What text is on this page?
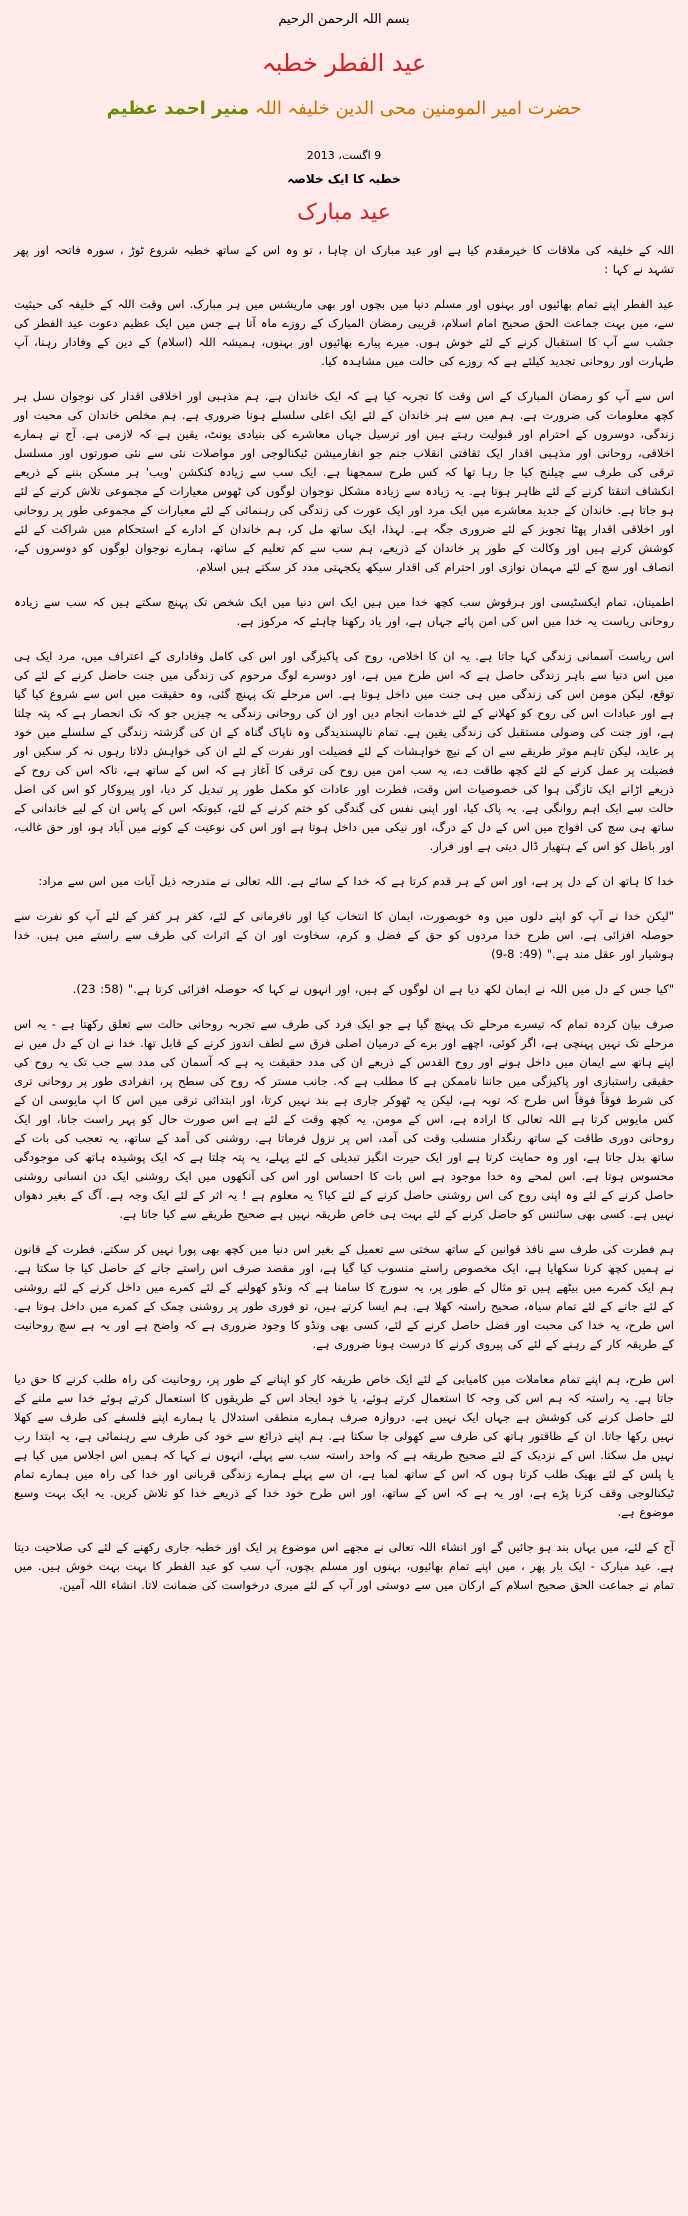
بسم اللہ الرحمن الرحیم
عید الفطر خطبہ
حضرت امیر المومنین محی الدین خلیفہ اللہ منیر احمد عظیم
9 اگست، 2013
خطبہ کا ایک خلاصہ
عید مبارک

اللہ کے خلیفہ کی ملاقات کا خیرمقدم کیا ہے اور عید مبارک ان چاہا ، تو وہ اس کے ساتھ خطبہ شروع ٹوڑ ، سورہ فاتحہ اور پھر تشہد نے کہا :

عید الفطر اپنے تمام بھائیوں اور بہنوں اور مسلم دنیا میں بچوں اور بھی ماریشس میں ہر مبارک. اس وقت اللہ کے خلیفہ کی حیثیت سے، میں بہت جماعت الحق صحیح امام اسلام، قریبی رمضان المبارک کے روزے ماہ آتا ہے جس میں ایک عظیم دعوت عید الفطر کی جشب سے آپ کا استقبال کرنے کے لئے خوش ہوں. میرے پیارے بھائیوں اور بہنوں، ہمیشہ اللہ (اسلام) کے دین کے وفادار رہنا، آپ طہارت اور روحانی تجدید کیلئے ہے کہ روزے کی حالت میں مشاہدہ کیا.

اس سے آپ کو رمضان المبارک کے اس وقت کا تجربہ کیا ہے کہ ایک خاندان ہے. ہم مذہبی اور اخلاقی اقدار کی نوجوان نسل ہر کچھ معلومات کی ضرورت ہے. ہم میں سے ہر خاندان کے لئے ایک اعلی سلسلے ہونا ضروری ہے. ہم مخلص خاندان کی محبت اور زندگی، دوسروں کے احترام اور قبولیت رہتے ہیں اور ترسیل جہاں معاشرے کی بنیادی یونٹ، یقین ہے کہ لازمی ہے. آج نے ہمارے اخلاقی، روحانی اور مذہبی اقدار ایک ثقافتی انقلاب جنم جو انفارمیشن ٹیکنالوجی اور مواصلات نئی سے نئی صورتوں اور مسلسل ترقی کی طرف سے چیلنج کیا جا رہا تھا کہ کس طرح سمجھنا ہے. ایک سب سے زیادہ کنکشن 'ویب' ہر مسکن بننے کے ذریعے انکشاف اتنقتا کرنے کے لئے ظاہر ہوتا ہے. یہ زیادہ سے زیادہ مشکل نوجوان لوگوں کی ٹھوس معیارات کے مجموعی تلاش کرنے کے لئے ہو جاتا ہے. خاندان کے جدید معاشرے میں ایک مرد اور ایک عورت کی زندگی کی رہنمائی کے لئے معیارات کے مجموعی طور پر روحانی اور اخلاقی اقدار پھٹا تجویز کے لئے ضروری جگہ ہے. لہذا، ایک ساتھ مل کر، ہم خاندان کے ادارے کے استحکام میں شراکت کے لئے کوشش کرتے ہیں اور وکالت کے طور پر خاندان کے ذریعے، ہم سب سے کم تعلیم کے ساتھ، ہمارے نوجوان لوگوں کو دوسروں کے، انصاف اور سچ کے لئے مہمان نوازی اور احترام کی اقدار سیکھ یکجہتی مدد کر سکتے ہیں اسلام.

اطمینان، تمام ایکسٹیسی اور ہرقوش سب کچھ خدا میں ہیں ایک اس دنیا میں ایک شخص تک پہنچ سکتے ہیں کہ سب سے زیادہ روحانی ریاست یہ خدا میں اس کی امن پائے جہاں ہے، اور یاد رکھنا چاہئے کہ مرکوز ہے.

اس ریاست آسمانی زندگی کہا جاتا ہے. یہ ان کا اخلاص، روح کی پاکیزگی اور اس کی کامل وفاداری کے اعتراف میں، مرد ایک ہی میں اس دنیا سے باہر زندگی حاصل ہے کہ اس طرح میں ہے، اور دوسرے لوگ مرحوم کی زندگی میں جنت حاصل کرنے کے لئے کی توقع، لیکن مومن اس کی زندگی میں ہی جنت میں داخل ہوتا ہے. اس مرحلے تک پہنچ گئی، وہ حقیقت میں اس سے شروع کیا گیا ہے اور عبادات اس کی روح کو کھلانے کے لئے خدمات انجام دیں اور ان کی روحانی زندگی یہ چیزیں جو کہ تک انحصار ہے کہ پتہ چلتا ہے، اور جنت کی وصولی مستقبل کی زندگی یقین ہے. تمام نالپسندیدگی وہ ناپاک گناہ کے ان کی گزشتہ زندگی کے سلسلے میں خود پر عاید، لیکن تاہم موثر طریقے سے ان کے نیچ خواہشات کے لئے فضیلت اور نفرت کے لئے ان کی خواہش دلاتا رہوں نہ کر سکیں اور فضیلت پر عمل کرنے کے لئے کچھ طاقت دے، یہ سب امن میں روح کی ترقی کا آغاز ہے کہ اس کے ساتھ ہے، تاکہ اس کی روح کے ذریعے اڑانے ایک تازگی ہوا کی خصوصیات اس وقت، فطرت اور عادات کو مکمل طور پر تبدیل کر دیا، اور پیروکار کو اس کی اصل حالت سے ایک اہم روانگی ہے. یہ پاک کیا، اور اپنی نفس کی گندگی کو ختم کرنے کے لئے، کیونکہ اس کے پاس ان کے لیے خاندانی کے ساتھ ہی سچ کی افواج میں اس کے دل کے درگ، اور نیکی میں داخل ہوتا ہے اور اس کی نوعیت کے کونے میں آباد ہو، اور حق غالب، اور باطل کو اس کے ہتھیار ڈال دیتی ہے اور فرار.

خدا کا ہاتھ ان کے دل پر ہے، اور اس کے ہر قدم کرتا ہے کہ خدا کے سائے ہے. اللہ تعالی نے مندرجہ ذیل آیات میں اس سے مراد:

"لیکن خدا نے آپ کو اپنے دلوں میں وہ خوبصورت، ایمان کا انتخاب کیا اور نافرمانی کے لئے، کفر ہر کفر کے لئے آپ کو نفرت سے حوصلہ افزائی ہے. اس طرح خدا مردوں کو حق کے فضل و کرم، سخاوت اور ان کے اثرات کی طرف سے راستے میں ہیں. خدا ہوشیار اور عقل مند ہے." (49: 8-9)

"کیا جس کے دل میں اللہ نے ایمان لکھ دیا ہے ان لوگوں کے ہیں، اور انہوں نے کہا کہ حوصلہ افزائی کرتا ہے." (58: 23).

صرف بیان کردہ تمام کہ تیسرے مرحلے تک پہنچ گیا ہے جو ایک فرد کی طرف سے تجربہ روحانی حالت سے تعلق رکھتا ہے - یہ اس مرحلے تک نہیں پہنچی ہے، اگر کوئی، اچھے اور برے کے درمیان اصلی فرق سے لطف اندوز کرنے کے قابل تھا. خدا نے ان کے دل میں نے اپنے ہاتھ سے ایمان میں داخل ہونے اور روح القدس کے ذریعے ان کی مدد حقیقت یہ ہے کہ آسمان کی مدد سے جب تک یہ روح کی حقیقی راستبازی اور پاکیزگی میں جاننا ناممکن ہے کا مطلب ہے کہ. جانب مستر کہ روح کی سطح پر، انفرادی طور پر روحانی تری کی شرط فوقاً فوقاً اس طرح کہ توبہ ہے، لیکن یہ ٹھوکر جاری ہے بند نہیں کرتا، اور ابتدائی ترقی میں اس کا اپ مایوسی ان کے کس مایوس کرتا ہے اللہ تعالی کا ارادہ ہے، اس کے مومن. یہ کچھ وقت کے لئے ہے اس صورت حال کو پہر راست جانا، اور ایک روحانی دوری طاقت کے ساتھ رنگدار منسلب وقت کی آمد، اس پر نزول فرماتا ہے. روشنی کی آمد کے ساتھ، یہ تعجب کی بات کے ساتھ بدل جاتا ہے، اور وہ حمایت کرتا ہے اور ایک حیرت انگیز تبدیلی کے لئے پہلے، یہ پتہ چلتا ہے کہ ایک پوشیدہ ہاتھ کی موجودگی محسوس ہوتا ہے. اس لمحے وہ خدا موجود ہے اس بات کا احساس اور اس کی آنکھوں میں ایک روشنی ایک دن انسانی روشنی حاصل کرنے کے لئے وہ اپنی روح کی اس روشنی حاصل کرنے کے لئے کیا؟ یہ معلوم ہے ! یہ اثر کے لئے ایک وجہ ہے. آگ کے بغیر دھواں نہیں ہے. کسی بھی سائنس کو حاصل کرنے کے لئے بہت ہی خاص طریقہ نہیں ہے صحیح طریقے سے کیا جاتا ہے.

ہم فطرت کی طرف سے نافذ قوانین کے ساتھ سختی سے تعمیل کے بغیر اس دنیا میں کچھ بھی پورا نہیں کر سکتے. فطرت کے قانون نے ہمیں کچھ کرنا سکھایا ہے، ایک مخصوص راستے منسوب کیا گیا ہے، اور مقصد صرف اس راستے جانے کے حاصل کیا جا سکتا ہے. ہم ایک کمرے میں بیٹھے ہیں تو مثال کے طور پر، یہ سورج کا سامنا ہے کہ ونڈو کھولنے کے لئے کمرے میں داخل کرنے کے لئے روشنی کے لئے جانے کے لئے تمام سیاہ، صحیح راستہ کھلا ہے. ہم ایسا کرتے ہیں، تو فوری طور پر روشنی چمک کے کمرے میں داخل ہوتا ہے. اس طرح، یہ خدا کی محبت اور فضل حاصل کرنے کے لئے، کسی بھی ونڈو کا وجود ضروری ہے کہ واضح ہے اور یہ ہے سچ روحانیت کے طریقہ کار کے رہنے کے لئے کی پیروی کرنے کا درست ہونا ضروری ہے.

اس طرح، ہم اپنے تمام معاملات میں کامیابی کے لئے ایک خاص طریقہ کار کو اپنانے کے طور پر، روحانیت کی راہ طلب کرنے کا حق دیا جاتا ہے. یہ راستہ کہ ہم اس کی وجہ کا استعمال کرتے ہوئے، یا خود ایجاد اس کے طریقوں کا استعمال کرتے ہوئے خدا سے ملنے کے لئے حاصل کرنے کی کوشش ہے جہاں ایک نہیں ہے. دروازہ صرف ہمارے منطقی استدلال یا ہمارے اپنے فلسفے کی طرف سے کھلا نہیں رکھا جاتا. ان کے ظاقتور ہاتھ کی طرف سے کھولی جا سکتا ہے. ہم اپنے ذرائع سے خود کی طرف سے رہنمائی ہے، یہ ابتدا رب نہیں مل سکتا. اس کے نزدیک کے لئے صحیح طریقہ ہے کہ واحد راستہ سب سے پہلے، انہوں نے کہا کہ ہمیں اس اجلاس میں کیا ہے یا پلس کے لئے بھیک طلب کرتا ہوں کہ اس کے ساتھ لمبا ہے، ان سے پہلے ہمارے زندگی قربانی اور خدا کی راہ میں ہمارے تمام ٹیکنالوجی وقف کرنا پڑے ہے، اور یہ ہے کہ اس کے ساتھ، اور اس طرح خود خدا کے ذریعے خدا کو تلاش کریں. یہ ایک بہت وسیع موضوع ہے.

آج کے لئے، میں یہاں بند ہو جائیں گے اور انشاء اللہ تعالی نے مجھے اس موضوع پر ایک اور خطبہ جاری رکھنے کے لئے کی صلاحیت دیتا ہے. عید مبارک - ایک بار پھر ، میں اپنے تمام بھائیوں، بہنوں اور مسلم بچوں، آپ سب کو عید الفطر کا بہت بہت خوش ہیں. میں تمام نے جماعت الحق صحیح اسلام کے ارکان میں سے دوستی اور آپ کے لئے میری درخواست کی ضمانت لاتا. انشاء اللہ آمین.
